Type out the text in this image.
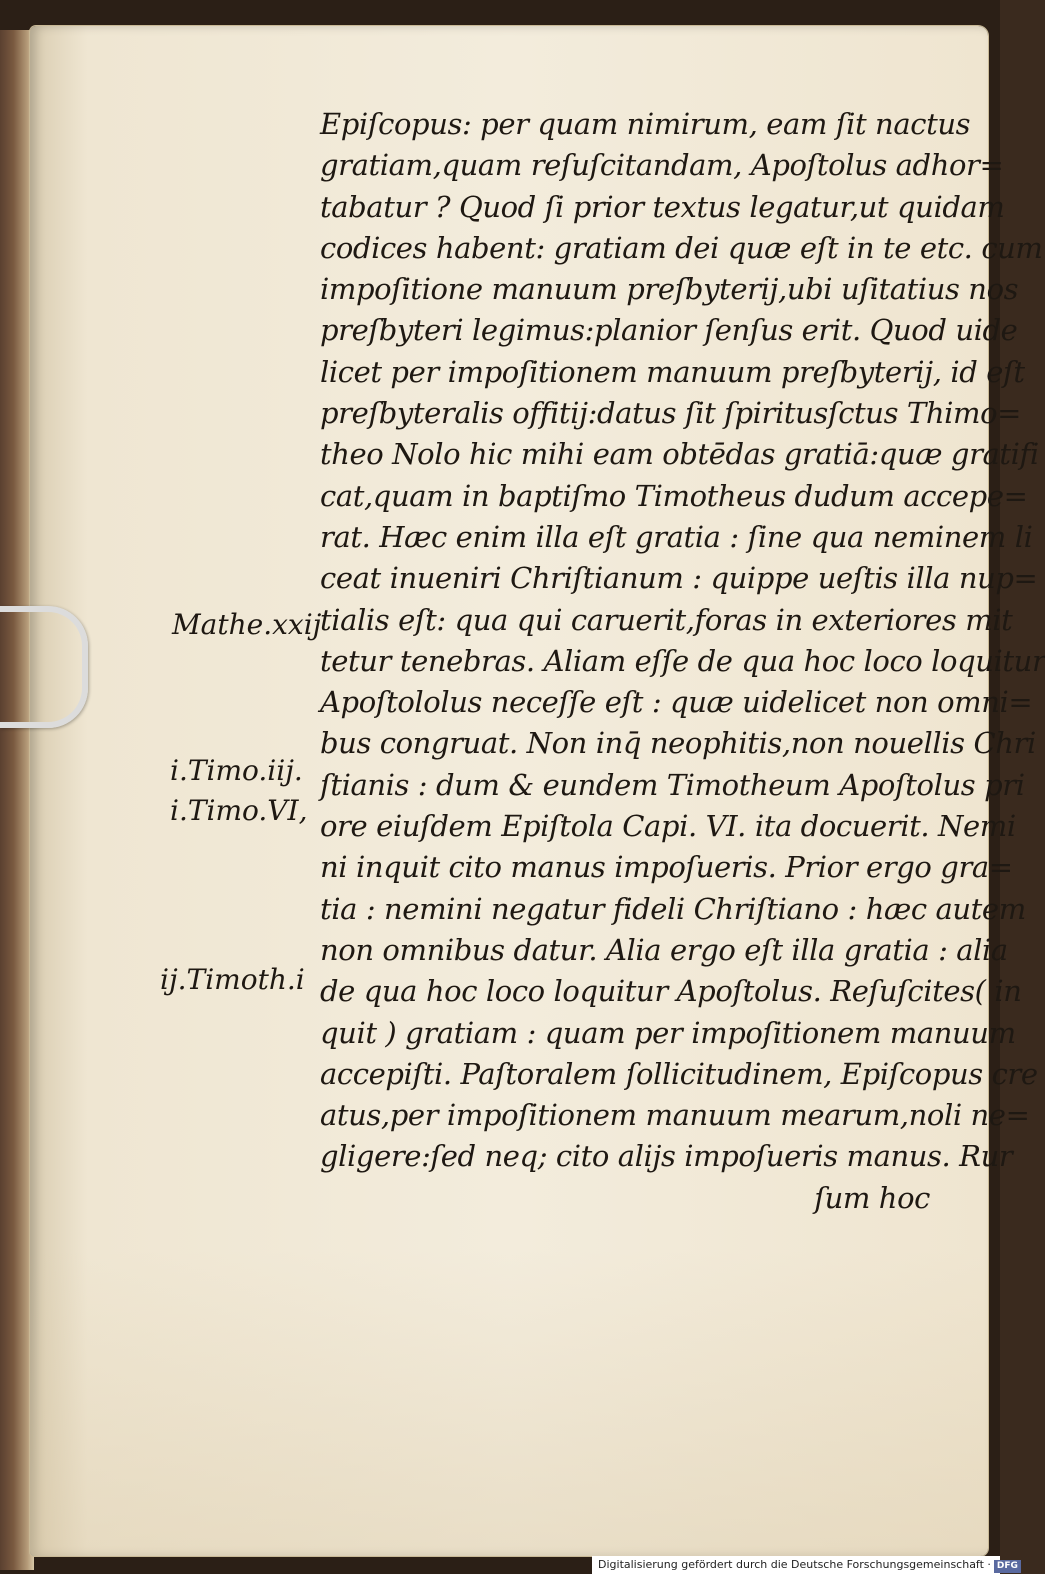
Epiſcopus: per quam nimirum, eam ſit nactus
gratiam,quam reſuſcitandam, Apoſtolus adhor=
tabatur ? Quod ſi prior textus legatur,ut quidam
codices habent: gratiam dei quæ eſt in te etc. cum
impoſitione manuum preſbyterij,ubi uſitatius nos
preſbyteri legimus:planior ſenſus erit. Quod uide
licet per impoſitionem manuum preſbyterij, id eſt
preſbyteralis offitij:datus ſit ſpiritusſctus Thimo=
theo Nolo hic mihi eam obtēdas gratiā:quæ gratifi
cat,quam in baptiſmo Timotheus dudum accepe=
rat. Hæc enim illa eſt gratia : ſine qua neminem li
ceat inueniri Chriſtianum : quippe ueſtis illa nup=
tialis eſt: qua qui caruerit,foras in exteriores mit
tetur tenebras. Aliam eſſe de qua hoc loco loquitur
Apoſtololus neceſſe eſt : quæ uidelicet non omni=
bus congruat. Non inq̄ neophitis,non nouellis Chri
ſtianis : dum & eundem Timotheum Apoſtolus pri
ore eiuſdem Epiſtola Capi. VI. ita docuerit. Nemi
ni inquit cito manus impoſueris. Prior ergo gra=
tia : nemini negatur fideli Chriſtiano : hæc autem
non omnibus datur. Alia ergo eſt illa gratia : alia
de qua hoc loco loquitur Apoſtolus. Reſuſcites( in
quit ) gratiam : quam per impoſitionem manuum
accepiſti. Paſtoralem ſollicitudinem, Epiſcopus cre
atus,per impoſitionem manuum mearum,noli ne=
gligere:ſed neq; cito alijs impoſueris manus. Rur
ſum hoc
Mathe.xxij
i.Timo.iij.
i.Timo.VI,
ij.Timoth.i
Digitalisierung gefördert durch die Deutsche Forschungsgemeinschaft · DFG
